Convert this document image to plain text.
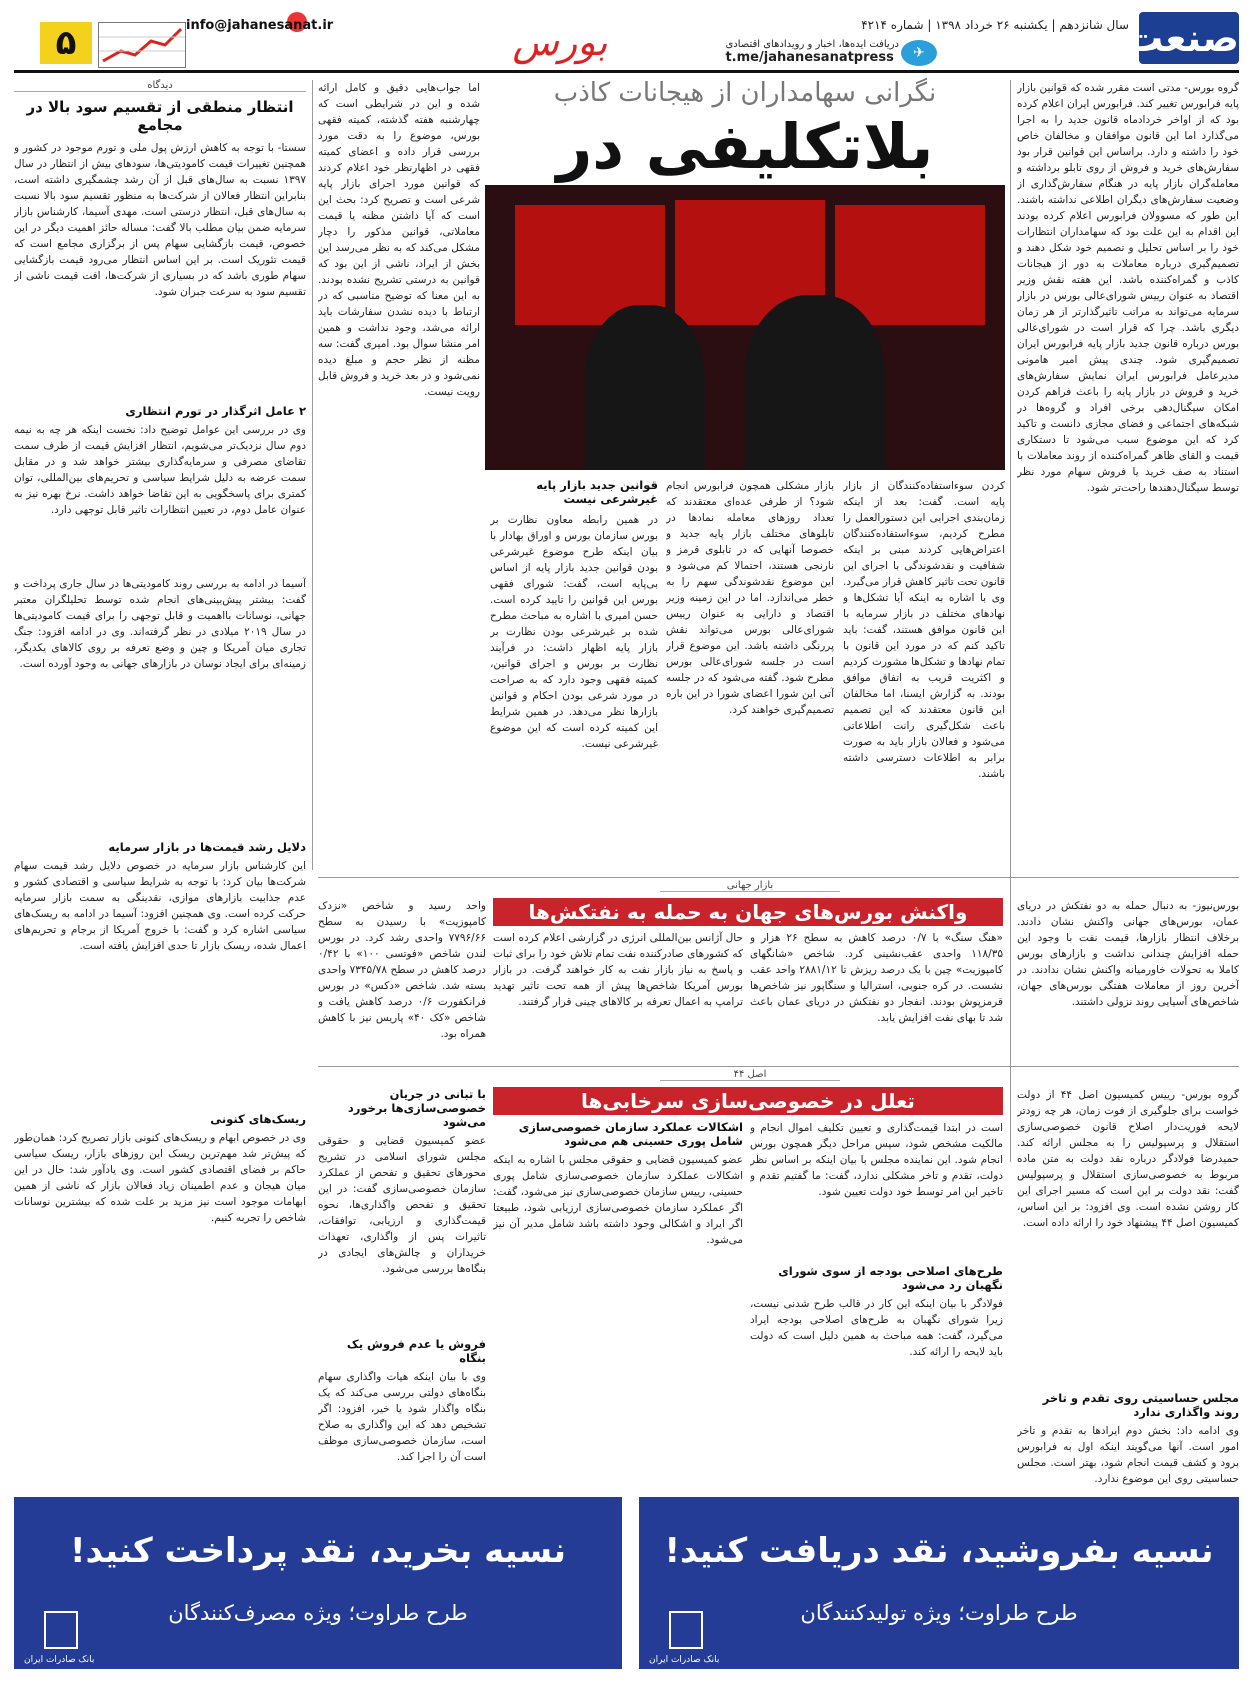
صنعت
سال شانزدهم | یکشنبه ۲۶ خرداد ۱۳۹۸ | شماره ۴۲۱۴
✈
دریافت ایده‌ها، اخبار و رویدادهای اقتصادی
t.me/jahanesanatpress
بورس
info@jahanesanat.ir
۵
نگرانی سهامداران از هیجانات کاذب
بلاتکلیفی در
گروه بورس- مدتی است مقرر شده که قوانین بازار پایه فرابورس تغییر کند. فرابورس ایران اعلام کرده بود که از اواخر خردادماه قانون جدید را به اجرا می‌گذارد اما این قانون موافقان و مخالفان خاص خود را داشته و دارد. براساس این قوانین قرار بود سفارش‌های خرید و فروش از روی تابلو برداشته و معامله‌گران بازار پایه در هنگام سفارش‌گذاری از وضعیت سفارش‌های دیگران اطلاعی نداشته باشند. این طور که مسوولان فرابورس اعلام کرده بودند این اقدام به این علت بود که سهامداران انتظارات خود را بر اساس تحلیل و تصمیم خود شکل دهند و تصمیم‌گیری درباره معاملات به دور از هیجانات کاذب و گمراه‌کننده باشد. این هفته نقش وزیر اقتصاد به عنوان رییس شورای‌عالی بورس در بازار سرمایه می‌تواند به مراتب تاثیرگذارتر از هر زمان دیگری باشد. چرا که قرار است در شورای‌عالی بورس درباره قانون جدید بازار پایه فرابورس ایران تصمیم‌گیری شود. چندی پیش امیر هامونی مدیرعامل فرابورس ایران نمایش سفارش‌های خرید و فروش در بازار پایه را باعث فراهم کردن امکان سیگنال‌دهی برخی افراد و گروه‌ها در شبکه‌های اجتماعی و فضای مجازی دانست و تاکید کرد که این موضوع سبب می‌شود تا دستکاری قیمت و القای ظاهر گمراه‌کننده از روند معاملات با استناد به صف خرید یا فروش سهام مورد نظر توسط سیگنال‌دهندها راحت‌تر شود.
کردن سوءاستفاده‌کنندگان از بازار پایه است. گفت: بعد از اینکه زمان‌بندی اجرایی این دستورالعمل را مطرح کردیم، سوءاستفاده‌کنندگان اعتراض‌هایی کردند مبنی بر اینکه شفافیت و نقدشوندگی با اجرای این قانون تحت تاثیر کاهش قرار می‌گیرد. وی با اشاره به اینکه آیا تشکل‌ها و نهادهای مختلف در بازار سرمایه با این قانون موافق هستند، گفت: باید تاکید کنم که در مورد این قانون با تمام نهادها و تشکل‌ها مشورت کردیم و اکثریت قریب به اتفاق موافق بودند. به گزارش ایسنا، اما مخالفان این قانون معتقدند که این تصمیم باعث شکل‌گیری رانت اطلاعاتی می‌شود و فعالان بازار باید به صورت برابر به اطلاعات دسترسی داشته باشند.
بازار مشکلی همچون فرابورس انجام شود؟ از طرفی عده‌ای معتقدند که تعداد روزهای معامله نمادها در تابلوهای مختلف بازار پایه جدید و خصوصا آنهایی که در تابلوی قرمز و نارنجی هستند، احتمالا کم می‌شود و این موضوع نقدشوندگی سهم را به خطر می‌اندازد. اما در این زمینه وزیر اقتصاد و دارایی به عنوان رییس شورای‌عالی بورس می‌تواند نقش پررنگی داشته باشد. این موضوع قرار است در جلسه شورای‌عالی بورس مطرح شود. گفته می‌شود که در جلسه آتی این شورا اعضای شورا در این باره تصمیم‌گیری خواهند کرد.
قوانین جدید بازار پایه غیرشرعی نیست
در همین رابطه معاون نظارت بر بورس سازمان بورس و اوراق بهادار با بیان اینکه طرح موضوع غیرشرعی بودن قوانین جدید بازار پایه از اساس بی‌پایه است، گفت: شورای فقهی بورس این قوانین را تایید کرده است. حسن امیری با اشاره به مباحث مطرح شده بر غیرشرعی بودن نظارت بر بازار پایه اظهار داشت: در فرآیند نظارت بر بورس و اجرای قوانین، کمیته فقهی وجود دارد که به صراحت در مورد شرعی بودن احکام و قوانین بازارها نظر می‌دهد. در همین شرایط این کمیته کرده است که این موضوع غیرشرعی نیست.
اما جواب‌هایی دقیق و کامل ارائه شده و این در شرایطی است که چهارشنبه هفته گذشته، کمیته فقهی بورس، موضوع را به دقت مورد بررسی قرار داده و اعضای کمیته فقهی در اظهارنظر خود اعلام کردند که قوانین مورد اجرای بازار پایه شرعی است و تصریح کرد: بحث این است که آیا داشتن مظنه یا قیمت معاملاتی، قوانین مذکور را دچار مشکل می‌کند که به نظر می‌رسد این بخش از ایراد، ناشی از این بود که قوانین به درستی تشریح نشده بودند. به این معنا که توضیح مناسبی که در ارتباط با دیده نشدن سفارشات باید ارائه می‌شد، وجود نداشت و همین امر منشا سوال بود. امیری گفت: سه مظنه از نظر حجم و مبلغ دیده نمی‌شود و در بعد خرید و فروش قابل رویت نیست.
دیدگاه
انتظار منطقی از تقسیم سود بالا در مجامع
سستا- با توجه به کاهش ارزش پول ملی و تورم موجود در کشور و همچنین تغییرات قیمت کامودیتی‌ها، سودهای بیش از انتظار در سال ۱۳۹۷ نسبت به سال‌های قبل از آن رشد چشمگیری داشته است، بنابراین انتظار فعالان از شرکت‌ها به منظور تقسیم سود بالا نسبت به سال‌های قبل، انتظار درستی است. مهدی آسیما، کارشناس بازار سرمایه ضمن بیان مطلب بالا گفت: مساله حائز اهمیت دیگر در این خصوص، قیمت بازگشایی سهام پس از برگزاری مجامع است که قیمت تئوریک است. بر این اساس انتظار می‌رود قیمت بازگشایی سهام طوری باشد که در بسیاری از شرکت‌ها، افت قیمت ناشی از تقسیم سود به سرعت جبران شود.
۲ عامل اثرگذار در تورم انتظاری
وی در بررسی این عوامل توضیح داد: نخست اینکه هر چه به نیمه دوم سال نزدیک‌تر می‌شویم، انتظار افزایش قیمت از طرف سمت تقاضای مصرفی و سرمایه‌گذاری بیشتر خواهد شد و در مقابل سمت عرضه به دلیل شرایط سیاسی و تحریم‌های بین‌المللی، توان کمتری برای پاسخگویی به این تقاضا خواهد داشت. نرخ بهره نیز به عنوان عامل دوم، در تعیین انتظارات تاثیر قابل توجهی دارد.
آسیما در ادامه به بررسی روند کامودیتی‌ها در سال جاری پرداخت و گفت: بیشتر پیش‌بینی‌های انجام شده توسط تحلیلگران معتبر جهانی، نوسانات بااهمیت و قابل توجهی را برای قیمت کامودیتی‌ها در سال ۲۰۱۹ میلادی در نظر گرفته‌اند. وی در ادامه افزود: جنگ تجاری میان آمریکا و چین و وضع تعرفه بر روی کالاهای یکدیگر، زمینه‌ای برای ایجاد نوسان در بازارهای جهانی به وجود آورده است.
دلایل رشد قیمت‌ها در بازار سرمایه
این کارشناس بازار سرمایه در خصوص دلایل رشد قیمت سهام شرکت‌ها بیان کرد: با توجه به شرایط سیاسی و اقتصادی کشور و عدم جذابیت بازارهای موازی، نقدینگی به سمت بازار سرمایه حرکت کرده است. وی همچنین افزود: آسیما در ادامه به ریسک‌های سیاسی اشاره کرد و گفت: با خروج آمریکا از برجام و تحریم‌های اعمال شده، ریسک بازار تا حدی افزایش یافته است.
ریسک‌های کنونی
وی در خصوص ابهام و ریسک‌های کنونی بازار تصریح کرد: همان‌طور که پیش‌تر شد مهم‌ترین ریسک این روزهای بازار، ریسک سیاسی حاکم بر فضای اقتصادی کشور است. وی یادآور شد: حال در این میان هیجان و عدم اطمینان زیاد فعالان بازار که ناشی از همین ابهامات موجود است نیز مزید بر علت شده که بیشترین نوسانات شاخص را تجربه کنیم.
بازار جهانی
واکنش بورس‌های جهان به حمله به نفتکش‌ها	بورس‌نیوز- به دنبال حمله به دو نفتکش در دریای عمان، بورس‌های جهانی واکنش نشان دادند. برخلاف انتظار بازارها، قیمت نفت با وجود این حمله افزایش چندانی نداشت و بازارهای بورس کاملا به تحولات خاورمیانه واکنش نشان ندادند. در آخرین روز از معاملات هفتگی بورس‌های جهان، شاخص‌های آسیایی روند نزولی داشتند.
«هنگ سنگ» با ۰/۷ درصد کاهش به سطح ۲۶ هزار و ۱۱۸/۳۵ واحدی عقب‌نشینی کرد. شاخص «شانگهای کامپوزیت» چین با یک درصد ریزش تا ۲۸۸۱/۱۲ واحد عقب نشست. در کره جنوبی، استرالیا و سنگاپور نیز شاخص‌ها قرمزپوش بودند. انفجار دو نفتکش در دریای عمان باعث شد تا بهای نفت افزایش یابد.
حال آژانس بین‌المللی انرژی در گزارشی اعلام کرده است که کشورهای صادرکننده نفت تمام تلاش خود را برای ثبات و پاسخ به نیاز بازار نفت به کار خواهند گرفت. در بازار بورس آمریکا شاخص‌ها پیش از همه تحت تاثیر تهدید ترامپ به اعمال تعرفه بر کالاهای چینی قرار گرفتند.
واحد رسید و شاخص «نزدک کامپوزیت» با رسیدن به سطح ۷۷۹۶/۶۶ واحدی رشد کرد. در بورس لندن شاخص «فوتسی ۱۰۰» با ۰/۴۲ درصد کاهش در سطح ۷۳۴۵/۷۸ واحدی بسته شد. شاخص «دکس» در بورس فرانکفورت ۰/۶ درصد کاهش یافت و شاخص «کک ۴۰» پاریس نیز با کاهش همراه بود.
اصل ۴۴
تعلل در خصوصی‌سازی سرخابی‌ها	گروه بورس- رییس کمیسیون اصل ۴۴ از دولت خواست برای جلوگیری از فوت زمان، هر چه زودتر لایحه فوریت‌دار اصلاح قانون خصوصی‌سازی استقلال و پرسپولیس را به مجلس ارائه کند. حمیدرضا فولادگر درباره نقد دولت به متن ماده مربوط به خصوصی‌سازی استقلال و پرسپولیس گفت: نقد دولت بر این است که مسیر اجرای این کار روشن نشده است. وی افزود: بر این اساس، کمیسیون اصل ۴۴ پیشنهاد خود را ارائه داده است.
مجلس حساسیتی روی تقدم و تاخر روند واگذاری ندارد
وی ادامه داد: بخش دوم ایرادها به تقدم و تاخر امور است. آنها می‌گویند اینکه اول به فرابورس برود و کشف قیمت انجام شود، بهتر است. مجلس حساسیتی روی این موضوع ندارد.
است در ابتدا قیمت‌گذاری و تعیین تکلیف اموال انجام و مالکیت مشخص شود، سپس مراحل دیگر همچون بورس انجام شود. این نماینده مجلس با بیان اینکه بر اساس نظر دولت، تقدم و تاخر مشکلی ندارد، گفت: ما گفتیم تقدم و تاخیر این امر توسط خود دولت تعیین شود.
طرح‌های اصلاحی بودجه از سوی شورای نگهبان رد می‌شود
فولادگر با بیان اینکه این کار در قالب طرح شدنی نیست، زیرا شورای نگهبان به طرح‌های اصلاحی بودجه ایراد می‌گیرد، گفت: همه مباحث به همین دلیل است که دولت باید لایحه را ارائه کند.
اشکالات عملکرد سازمان خصوصی‌سازی شامل پوری حسینی هم می‌شود
عضو کمیسیون قضایی و حقوقی مجلس با اشاره به اینکه اشکالات عملکرد سازمان خصوصی‌سازی شامل پوری حسینی، رییس سازمان خصوصی‌سازی نیز می‌شود، گفت: اگر عملکرد سازمان خصوصی‌سازی ارزیابی شود، طبیعتا اگر ایراد و اشکالی وجود داشته باشد شامل مدیر آن نیز می‌شود.
با تبانی در جریان خصوصی‌سازی‌ها برخورد می‌شود
عضو کمیسیون قضایی و حقوقی مجلس شورای اسلامی در تشریح محورهای تحقیق و تفحص از عملکرد سازمان خصوصی‌سازی گفت: در این تحقیق و تفحص واگذاری‌ها، نحوه قیمت‌گذاری و ارزیابی، توافقات، تاثیرات پس از واگذاری، تعهدات خریداران و چالش‌های ایجادی در بنگاه‌ها بررسی می‌شود.
فروش یا عدم فروش یک بنگاه
وی با بیان اینکه هیات واگذاری سهام بنگاه‌های دولتی بررسی می‌کند که یک بنگاه واگذار شود یا خیر، افزود: اگر تشخیص دهد که این واگذاری به صلاح است، سازمان خصوصی‌سازی موظف است آن را اجرا کند.
نسیه بفروشید، نقد دریافت کنید!
طرح طراوت؛ ویژه تولیدکنندگان
بانک صادرات ایران
نسیه بخرید، نقد پرداخت کنید!
طرح طراوت؛ ویژه مصرف‌کنندگان
بانک صادرات ایران
